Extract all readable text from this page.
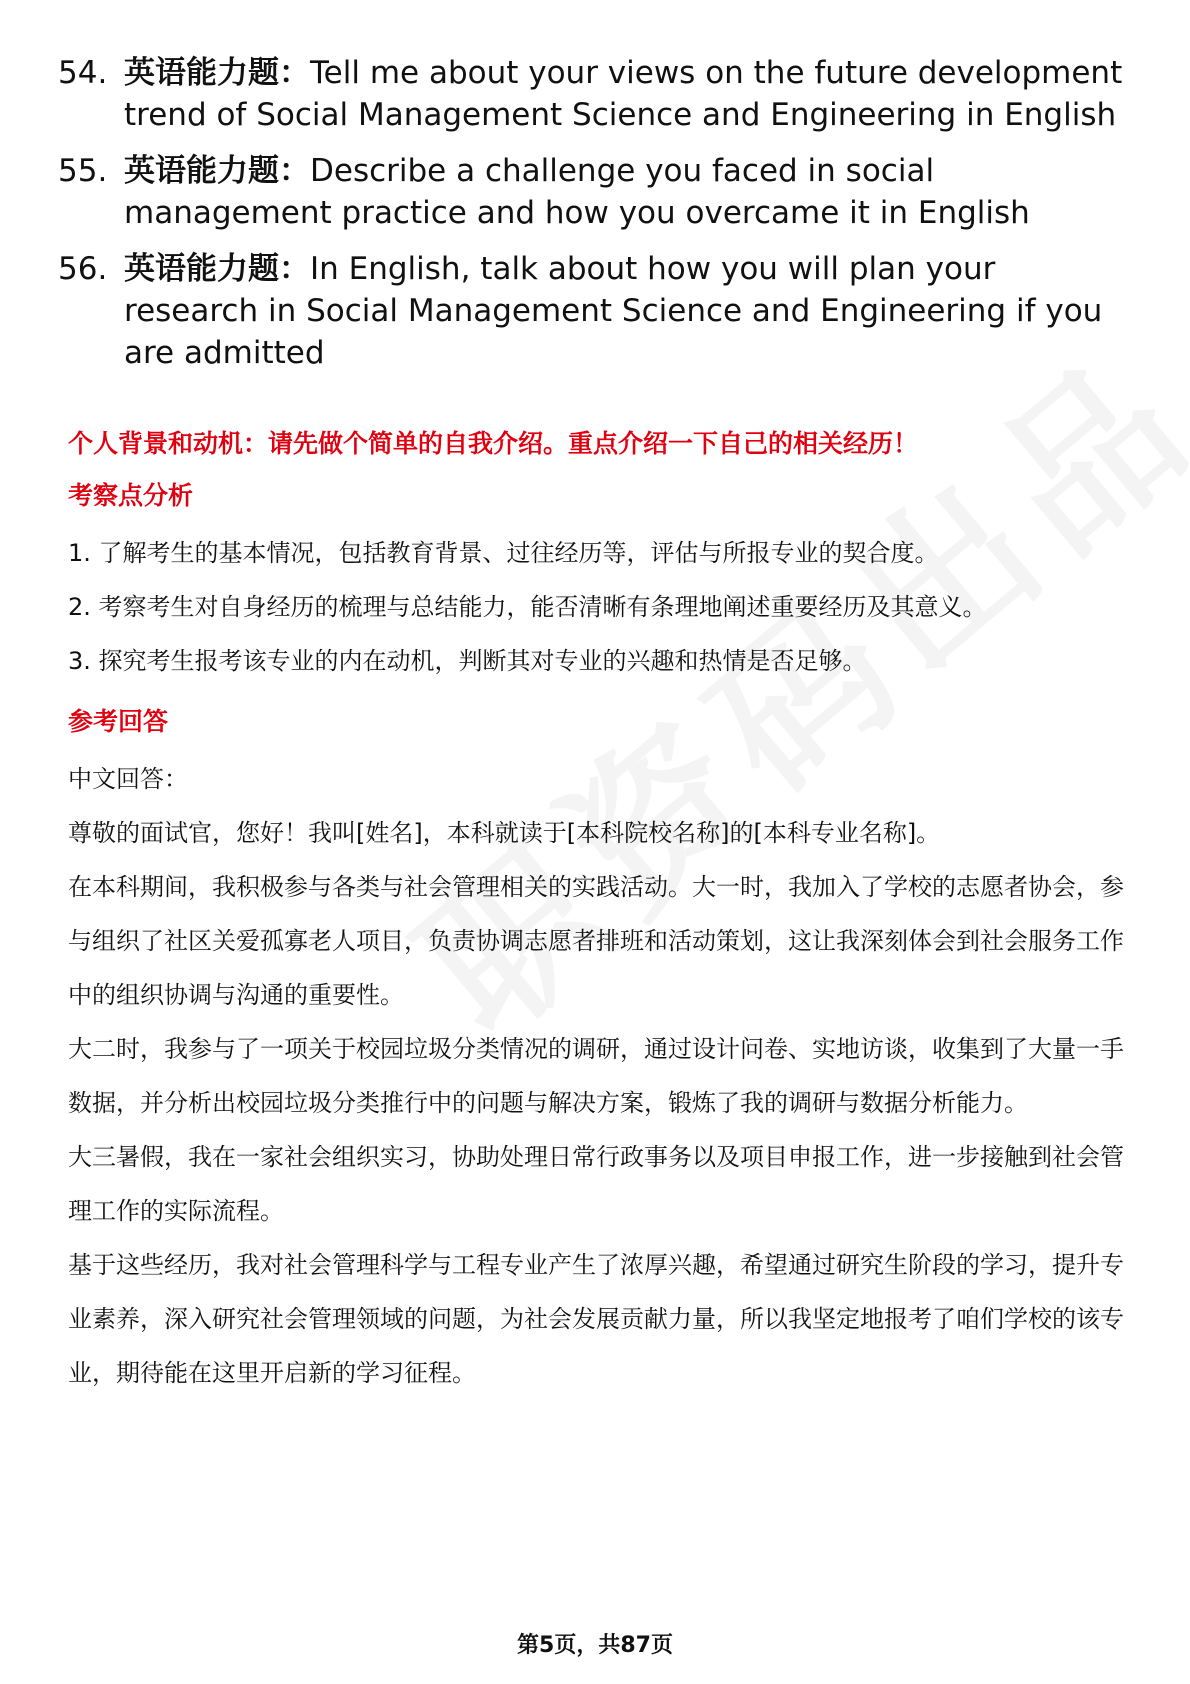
54. 英语能力题：Tell me about your views on the future development trend of Social Management Science and Engineering in English
55. 英语能力题：Describe a challenge you faced in social management practice and how you overcame it in English
56. 英语能力题：In English, talk about how you will plan your research in Social Management Science and Engineering if you are admitted
个人背景和动机：请先做个简单的自我介绍。重点介绍一下自己的相关经历！
考察点分析

1. 了解考生的基本情况，包括教育背景、过往经历等，评估与所报专业的契合度。

2. 考察考生对自身经历的梳理与总结能力，能否清晰有条理地阐述重要经历及其意义。

3. 探究考生报考该专业的内在动机，判断其对专业的兴趣和热情是否足够。

参考回答

中文回答：

尊敬的面试官，您好！我叫[姓名]，本科就读于[本科院校名称]的[本科专业名称]。

在本科期间，我积极参与各类与社会管理相关的实践活动。大一时，我加入了学校的志愿者协会，参与组织了社区关爱孤寡老人项目，负责协调志愿者排班和活动策划，这让我深刻体会到社会服务工作中的组织协调与沟通的重要性。

大二时，我参与了一项关于校园垃圾分类情况的调研，通过设计问卷、实地访谈，收集到了大量一手数据，并分析出校园垃圾分类推行中的问题与解决方案，锻炼了我的调研与数据分析能力。

大三暑假，我在一家社会组织实习，协助处理日常行政事务以及项目申报工作，进一步接触到社会管理工作的实际流程。

基于这些经历，我对社会管理科学与工程专业产生了浓厚兴趣，希望通过研究生阶段的学习，提升专业素养，深入研究社会管理领域的问题，为社会发展贡献力量，所以我坚定地报考了咱们学校的该专业，期待能在这里开启新的学习征程。

第5页，共87页
